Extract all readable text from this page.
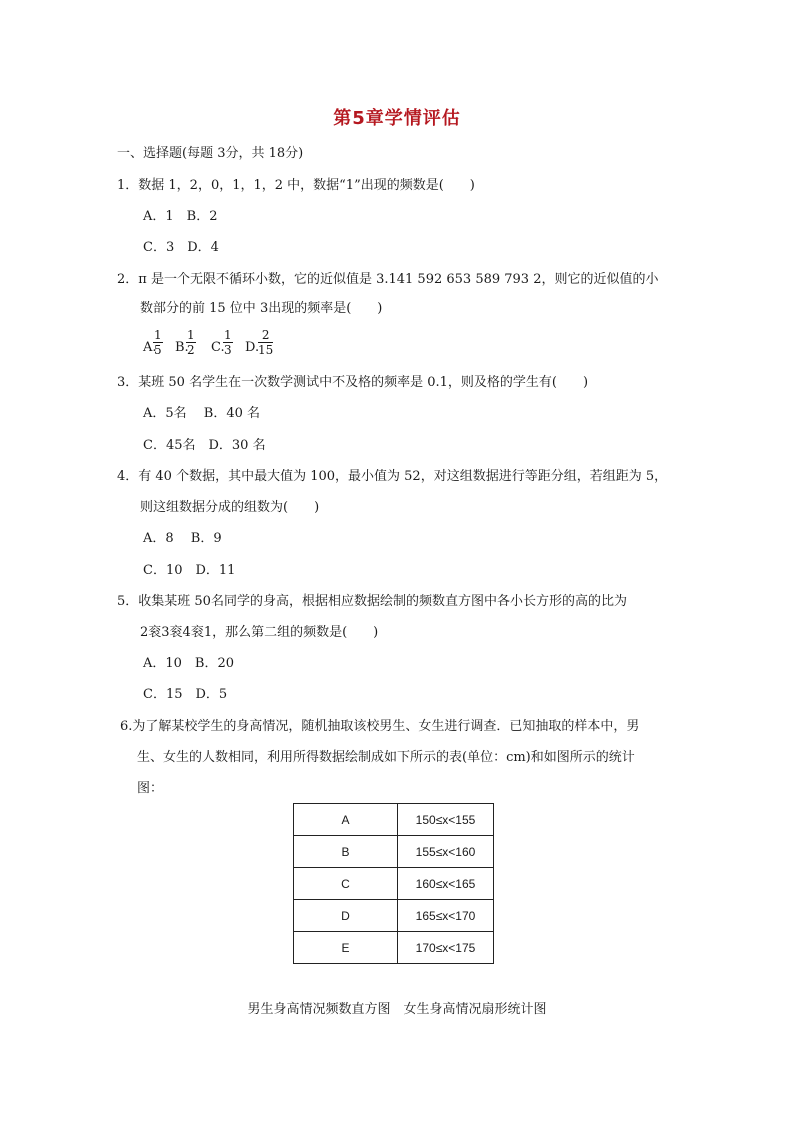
第5章学情评估
一、选择题(每题 3分，共 18分)
1．数据 1，2，0，1，1，2 中，数据“1”出现的频数是(　　)
A．1　B．2
C．3　D．4
2．π 是一个无限不循环小数，它的近似值是 3.141 592 653 589 793 2，则它的近似值的小
数部分的前 15 位中 3出现的频率是(　　)
A.
$\frac{1}{5} B$.
$\frac{1}{2} C$.
$\frac{1}{3} D$.
$\frac{2}{15}$
3．某班 50 名学生在一次数学测试中不及格的频率是 0.1，则及格的学生有(　　)
A．5名　 B．40 名
C．45名　D．30 名
4．有 40 个数据，其中最大值为 100，最小值为 52，对这组数据进行等距分组，若组距为 5，
则这组数据分成的组数为(　　)
A．8　 B．9
C．10　D．11
5．收集某班 50名同学的身高，根据相应数据绘制的频数直方图中各小长方形的高的比为
2衮3衮4衮1，那么第二组的频数是(　　)
A．10　B．20
C．15　D．5
6.为了解某校学生的身高情况，随机抽取该校男生、女生进行调查．已知抽取的样本中，男
生、女生的人数相同，利用所得数据绘制成如下所示的表(单位：cm)和如图所示的统计
图：
A	150≤x<155
B	155≤x<160
C	160≤x<165
D	165≤x<170
E	170≤x<175
男生身高情况频数直方图　女生身高情况扇形统计图
